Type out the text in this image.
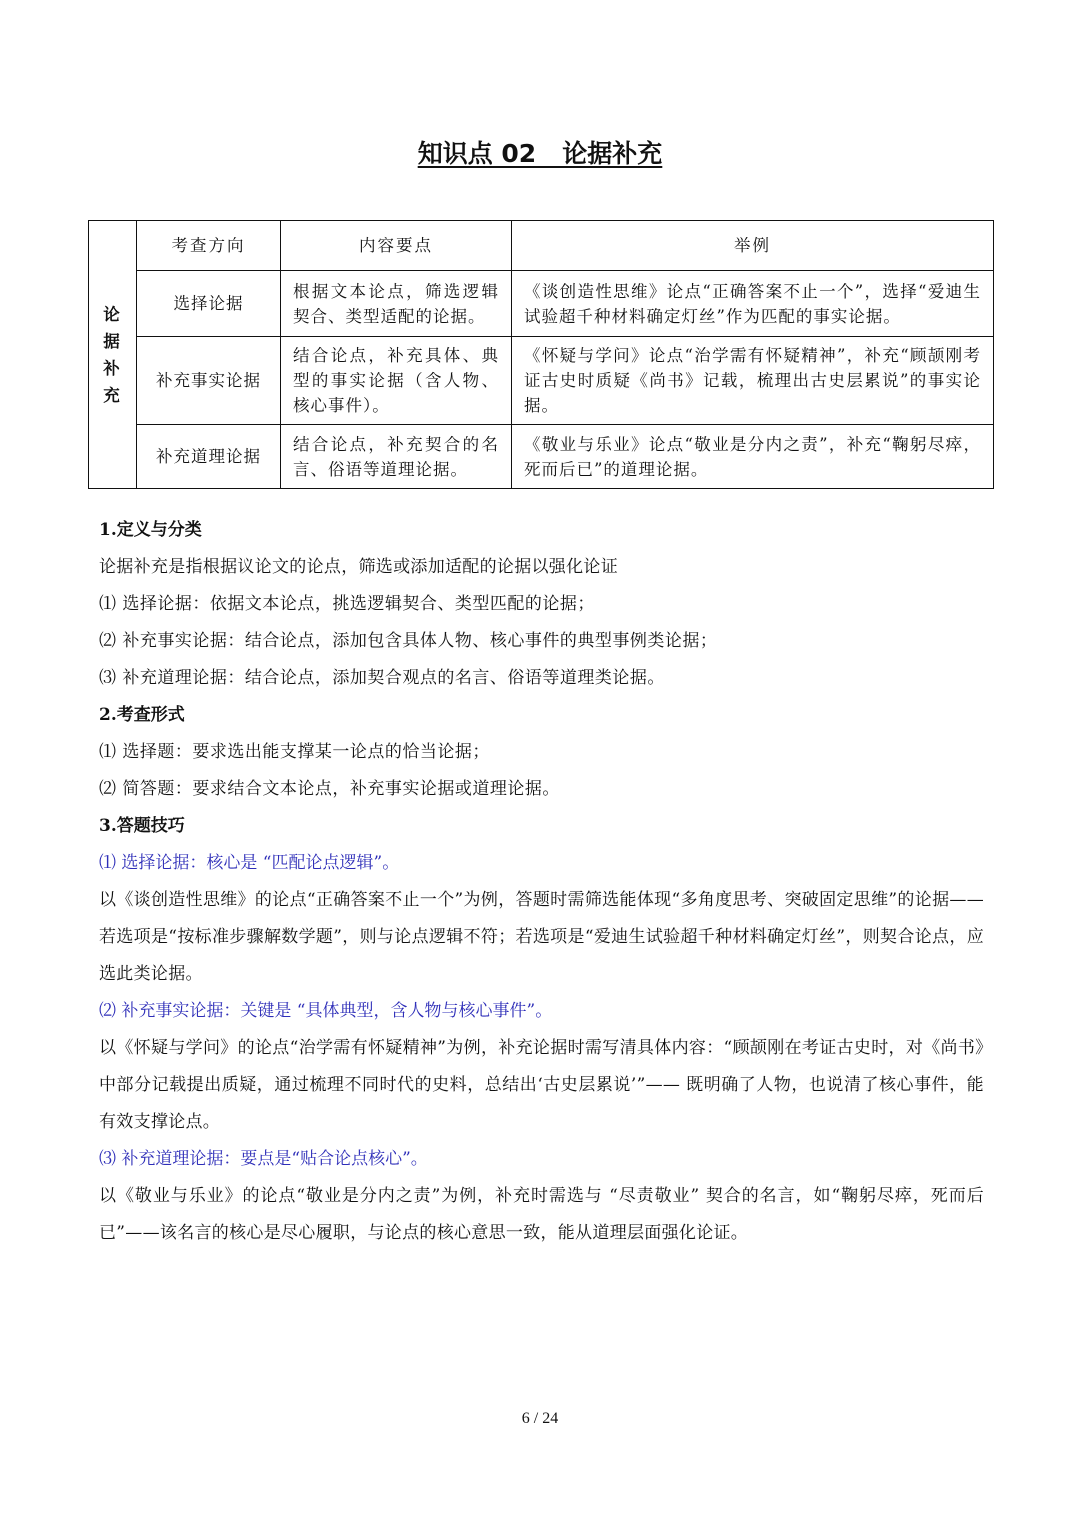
知识点 02   论据补充
论
据
补
充	考查方向	内容要点	举例
	选择论据	根据文本论点，筛选逻辑契合、类型适配的论据。	《谈创造性思维》论点“正确答案不止一个”，选择“爱迪生试验超千种材料确定灯丝”作为匹配的事实论据。
	补充事实论据	结合论点，补充具体、典型的事实论据（含人物、核心事件）。	《怀疑与学问》论点“治学需有怀疑精神”，补充“顾颉刚考证古史时质疑《尚书》记载，梳理出古史层累说”的事实论据。
	补充道理论据	结合论点，补充契合的名言、俗语等道理论据。	《敬业与乐业》论点“敬业是分内之责”，补充“鞠躬尽瘁，死而后已”的道理论据。

1.定义与分类

论据补充是指根据议论文的论点，筛选或添加适配的论据以强化论证

⑴ 选择论据：依据文本论点，挑选逻辑契合、类型匹配的论据；

⑵ 补充事实论据：结合论点，添加包含具体人物、核心事件的典型事例类论据；

⑶ 补充道理论据：结合论点，添加契合观点的名言、俗语等道理类论据。

2.考查形式

⑴ 选择题：要求选出能支撑某一论点的恰当论据；

⑵ 简答题：要求结合文本论点，补充事实论据或道理论据。

3.答题技巧

⑴ 选择论据：核心是 “匹配论点逻辑”。

以《谈创造性思维》的论点“正确答案不止一个”为例，答题时需筛选能体现“多角度思考、突破固定思维”的论据——若选项是“按标准步骤解数学题”，则与论点逻辑不符；若选项是“爱迪生试验超千种材料确定灯丝”，则契合论点，应选此类论据。

⑵ 补充事实论据：关键是 “具体典型，含人物与核心事件”。

以《怀疑与学问》的论点“治学需有怀疑精神”为例，补充论据时需写清具体内容：“顾颉刚在考证古史时，对《尚书》中部分记载提出质疑，通过梳理不同时代的史料，总结出‘古史层累说’”—— 既明确了人物，也说清了核心事件，能有效支撑论点。

⑶ 补充道理论据：要点是“贴合论点核心”。

以《敬业与乐业》的论点“敬业是分内之责”为例，补充时需选与 “尽责敬业” 契合的名言，如“鞠躬尽瘁，死而后已”——该名言的核心是尽心履职，与论点的核心意思一致，能从道理层面强化论证。

6 / 24
